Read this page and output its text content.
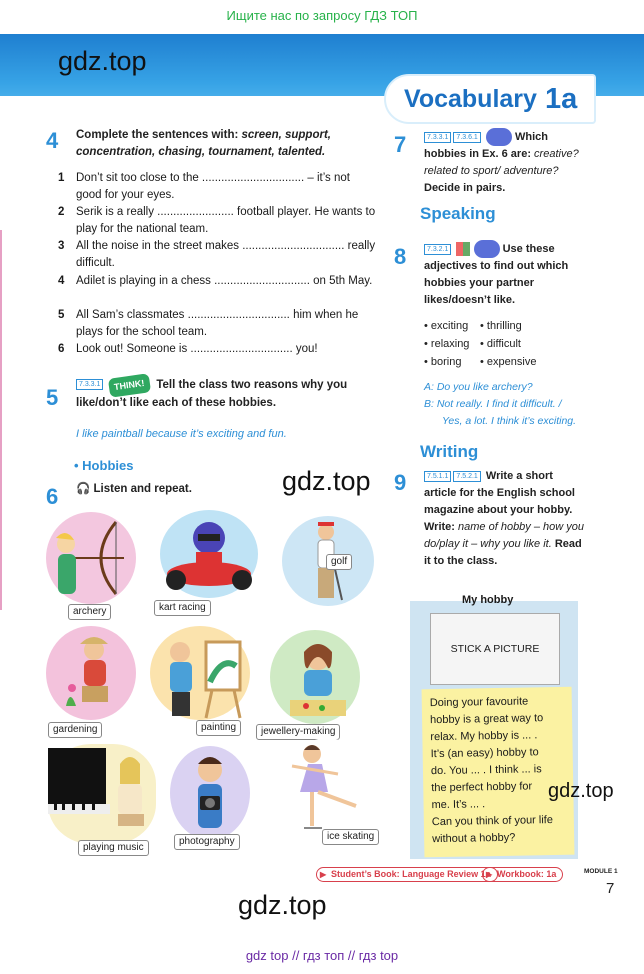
Ищите нас по запросу ГДЗ ТОП
gdz.top
Vocabulary 1a
4 Complete the sentences with: screen, support, concentration, chasing, tournament, talented.
1 Don’t sit too close to the ................................ – it’s not good for your eyes.
2 Serik is a really ........................ football player. He wants to play for the national team.
3 All the noise in the street makes ................................ really difficult.
4 Adilet is playing in a chess .............................. on 5th May.
5 All Sam’s classmates ................................ him when he plays for the school team.
6 Look out! Someone is ................................ you!
5
7.3.3.1 THINK! Tell the class two reasons why you like/don’t like each of these hobbies.
I like paintball because it’s exciting and fun.
• Hobbies
6 🎧 Listen and repeat.	gdz.top
archery	kart racing
golf
gardening	painting	jewellery-making
playing music
photography	ice skating
7	7.3.3.1 7.3.6.1	Which hobbies in Ex. 6 are: creative? related to sport/ adventure? Decide in pairs.
Speaking
8	7.3.2.1	Use these adjectives to find out which hobbies your partner likes/doesn’t like.
• exciting • thrilling
• relaxing • difficult
• boring • expensive
A: Do you like archery?
B: Not really. I find it difficult. /
Yes, a lot. I think it’s exciting.
Writing
9	7.5.1.1 7.5.2.1 Write a short article for the English school magazine about your hobby. Write: name of hobby – how you do/play it – why you like it. Read it to the class.
My hobby
STICK A PICTURE
Doing your favourite
hobby is a great way to
relax. My hobby is ... .
It’s (an easy) hobby to
do. You ... . I think ... is
the perfect hobby for
me. It’s ... .
Can you think of your life
without a hobby?
gdz.top
▶ Student’s Book: Language Review 1a
▶ Workbook: 1a	MODULE 1
7
gdz.top
gdz top // гдз топ // гдз top
